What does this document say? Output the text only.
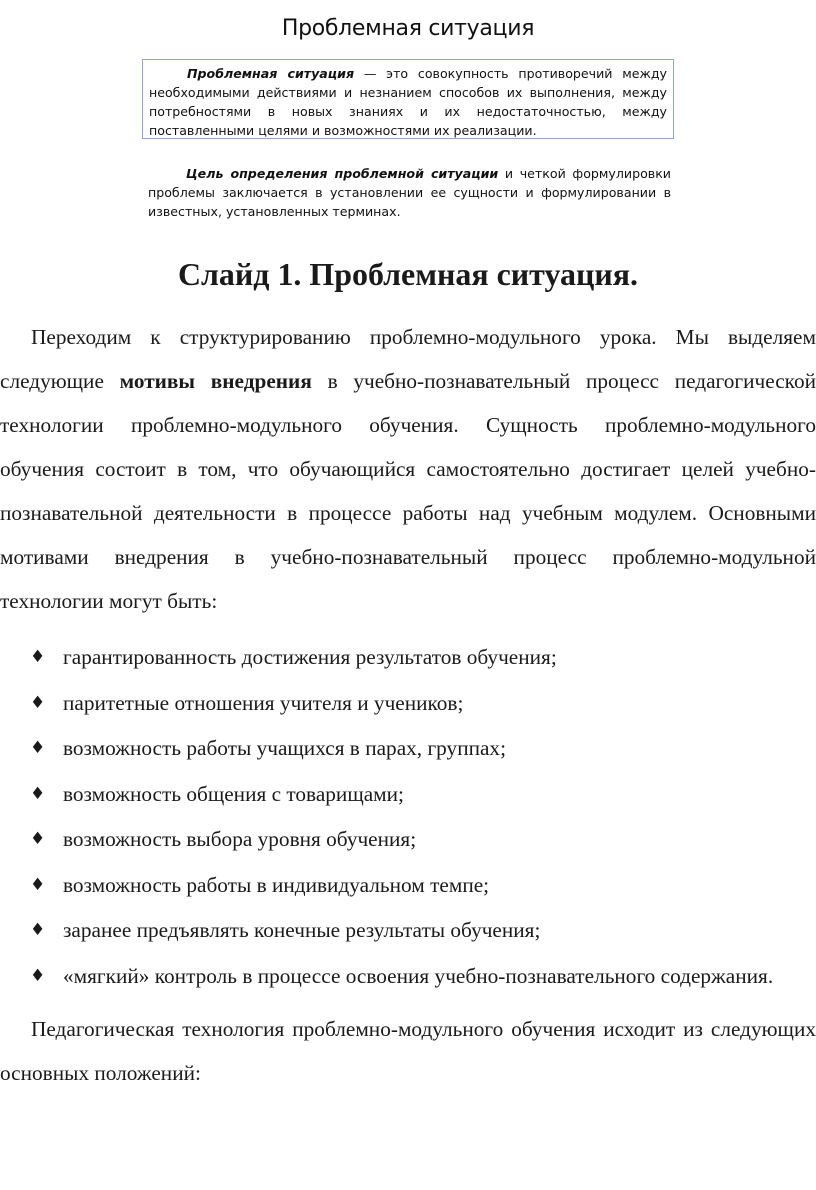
Проблемная ситуация

Проблемная ситуация — это совокупность противоречий между необходимыми действиями и незнанием способов их выполнения, между потребностями в новых знаниях и их недостаточностью, между поставленными целями и возможностями их реализации.

Цель определения проблемной ситуации и четкой формулировки проблемы заключается в установлении ее сущности и формулировании в известных, установленных терминах.

Слайд 1. Проблемная ситуация.

Переходим к структурированию проблемно-модульного урока. Мы выделяем следующие мотивы внедрения в учебно-познавательный процесс педагогической технологии проблемно-модульного обучения. Сущность проблемно-модульного обучения состоит в том, что обучающийся самостоятельно достигает целей учебно-познавательной деятельности в процессе работы над учебным модулем. Основными мотивами внедрения в учебно-познавательный процесс проблемно-модульной технологии могут быть:

♦ гарантированность достижения результатов обучения;
♦ паритетные отношения учителя и учеников;
♦ возможность работы учащихся в парах, группах;
♦ возможность общения с товарищами;
♦ возможность выбора уровня обучения;
♦ возможность работы в индивидуальном темпе;
♦ заранее предъявлять конечные результаты обучения;
♦ «мягкий» контроль в процессе освоения учебно-познавательного содержания.

Педагогическая технология проблемно-модульного обучения исходит из следующих основных положений:
